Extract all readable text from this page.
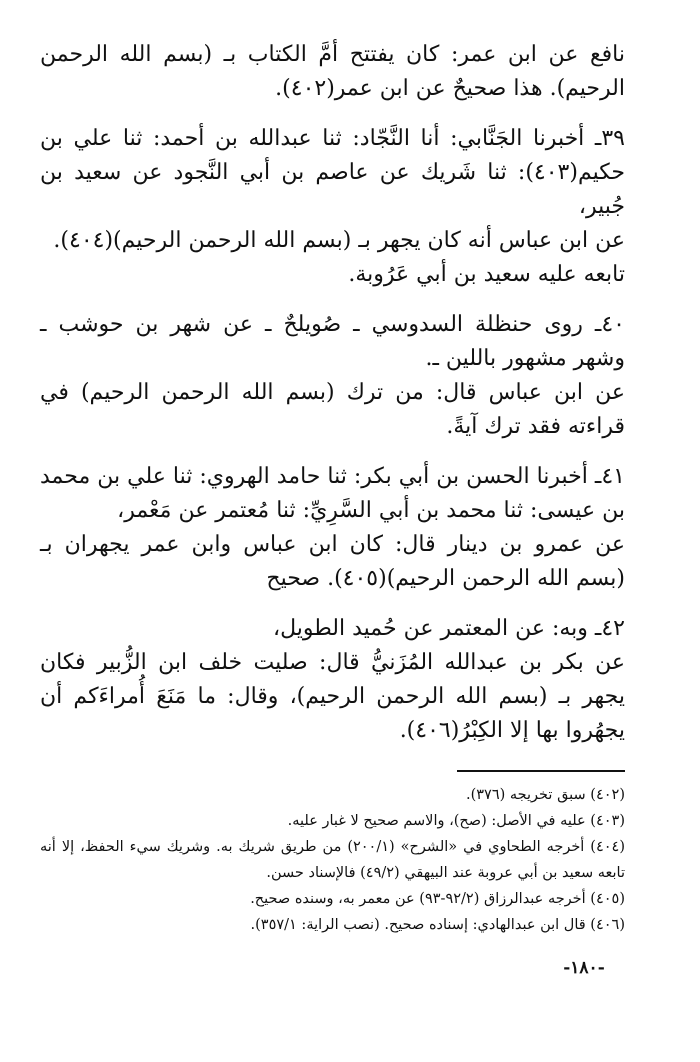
نافع عن ابن عمر: كان يفتتح أمَّ الكتاب بـ (بسم الله الرحمن الرحيم). هذا صحيحٌ عن ابن عمر(٤٠٢).

٣٩ـ أخبرنا الجَنَّابي: أنا النَّجّاد: ثنا عبدالله بن أحمد: ثنا علي بن حكيم(٤٠٣): ثنا شَريك عن عاصم بن أبي النَّجود عن سعيد بن جُبير،

عن ابن عباس أنه كان يجهر بـ (بسم الله الرحمن الرحيم)(٤٠٤).

تابعه عليه سعيد بن أبي عَرُوبة.

٤٠ـ روى حنظلة السدوسي ـ صُويلحٌ ـ عن شهر بن حوشب ـ وشهر مشهور باللين ـ.

عن ابن عباس قال: من ترك (بسم الله الرحمن الرحيم) في قراءته فقد ترك آيةً.

٤١ـ أخبرنا الحسن بن أبي بكر: ثنا حامد الهروي: ثنا علي بن محمد بن عيسى: ثنا محمد بن أبي السَّرِيِّ: ثنا مُعتمر عن مَعْمر،

عن عمرو بن دينار قال: كان ابن عباس وابن عمر يجهران بـ (بسم الله الرحمن الرحيم)(٤٠٥). صحيح

٤٢ـ وبه: عن المعتمر عن حُميد الطويل،

عن بكر بن عبدالله المُزَنيُّ قال: صليت خلف ابن الزُّبير فكان يجهر بـ (بسم الله الرحمن الرحيم)، وقال: ما مَنَعَ أُمراءَكم أن يجهُروا بها إلا الكِبْرُ(٤٠٦).

(٤٠٢) سبق تخريجه (٣٧٦).

(٤٠٣) عليه في الأصل: (صح)، والاسم صحيح لا غبار عليه.

(٤٠٤) أخرجه الطحاوي في «الشرح» (٢٠٠/١) من طريق شريك به. وشريك سيء الحفظ، إلا أنه تابعه سعيد بن أبي عروبة عند البيهقي (٤٩/٢) فالإسناد حسن.

(٤٠٥) أخرجه عبدالرزاق (٩٢/٢-٩٣) عن معمر به، وسنده صحيح.

(٤٠٦) قال ابن عبدالهادي: إسناده صحيح. (نصب الراية: ٣٥٧/١).

-١٨٠-
